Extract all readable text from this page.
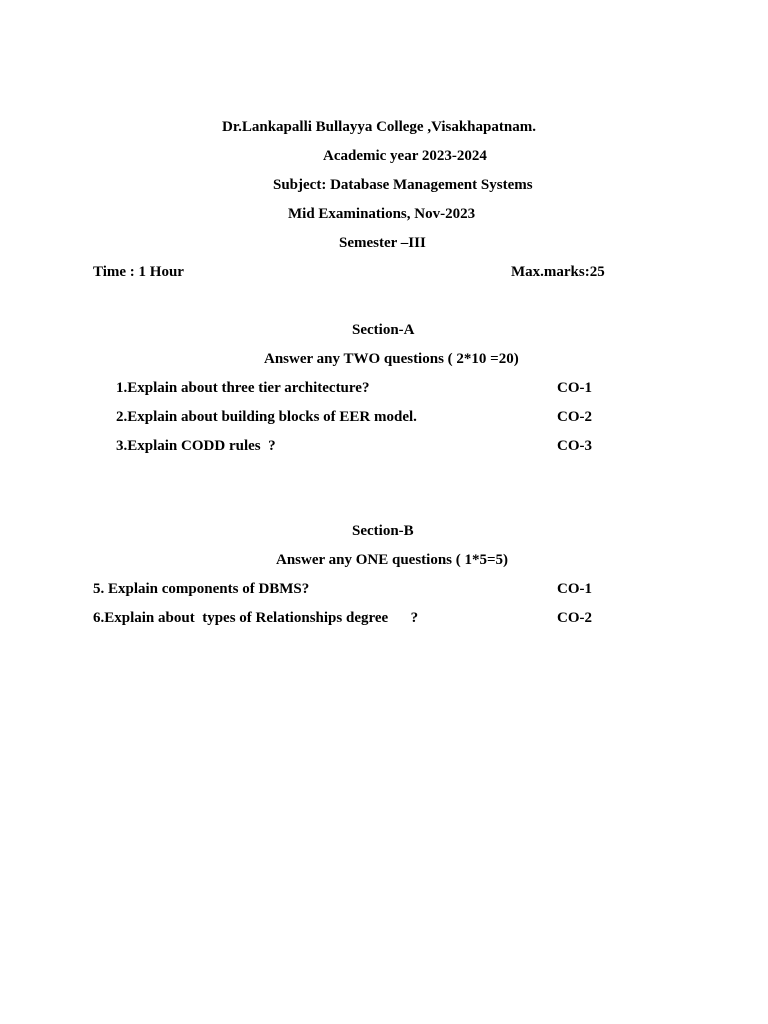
Dr.Lankapalli Bullayya College ,Visakhapatnam.
Academic year 2023-2024
Subject: Database Management Systems
Mid Examinations, Nov-2023
Semester –III
Time : 1 Hour	Max.marks:25
Section-A
Answer any TWO questions ( 2*10 =20)
1.Explain about three tier architecture?	CO-1
2.Explain about building blocks of EER model.	CO-2
3.Explain CODD rules  ?	CO-3
Section-B
Answer any ONE questions ( 1*5=5)
5. Explain components of DBMS?	CO-1
6.Explain about  types of Relationships degree      ?	CO-2
